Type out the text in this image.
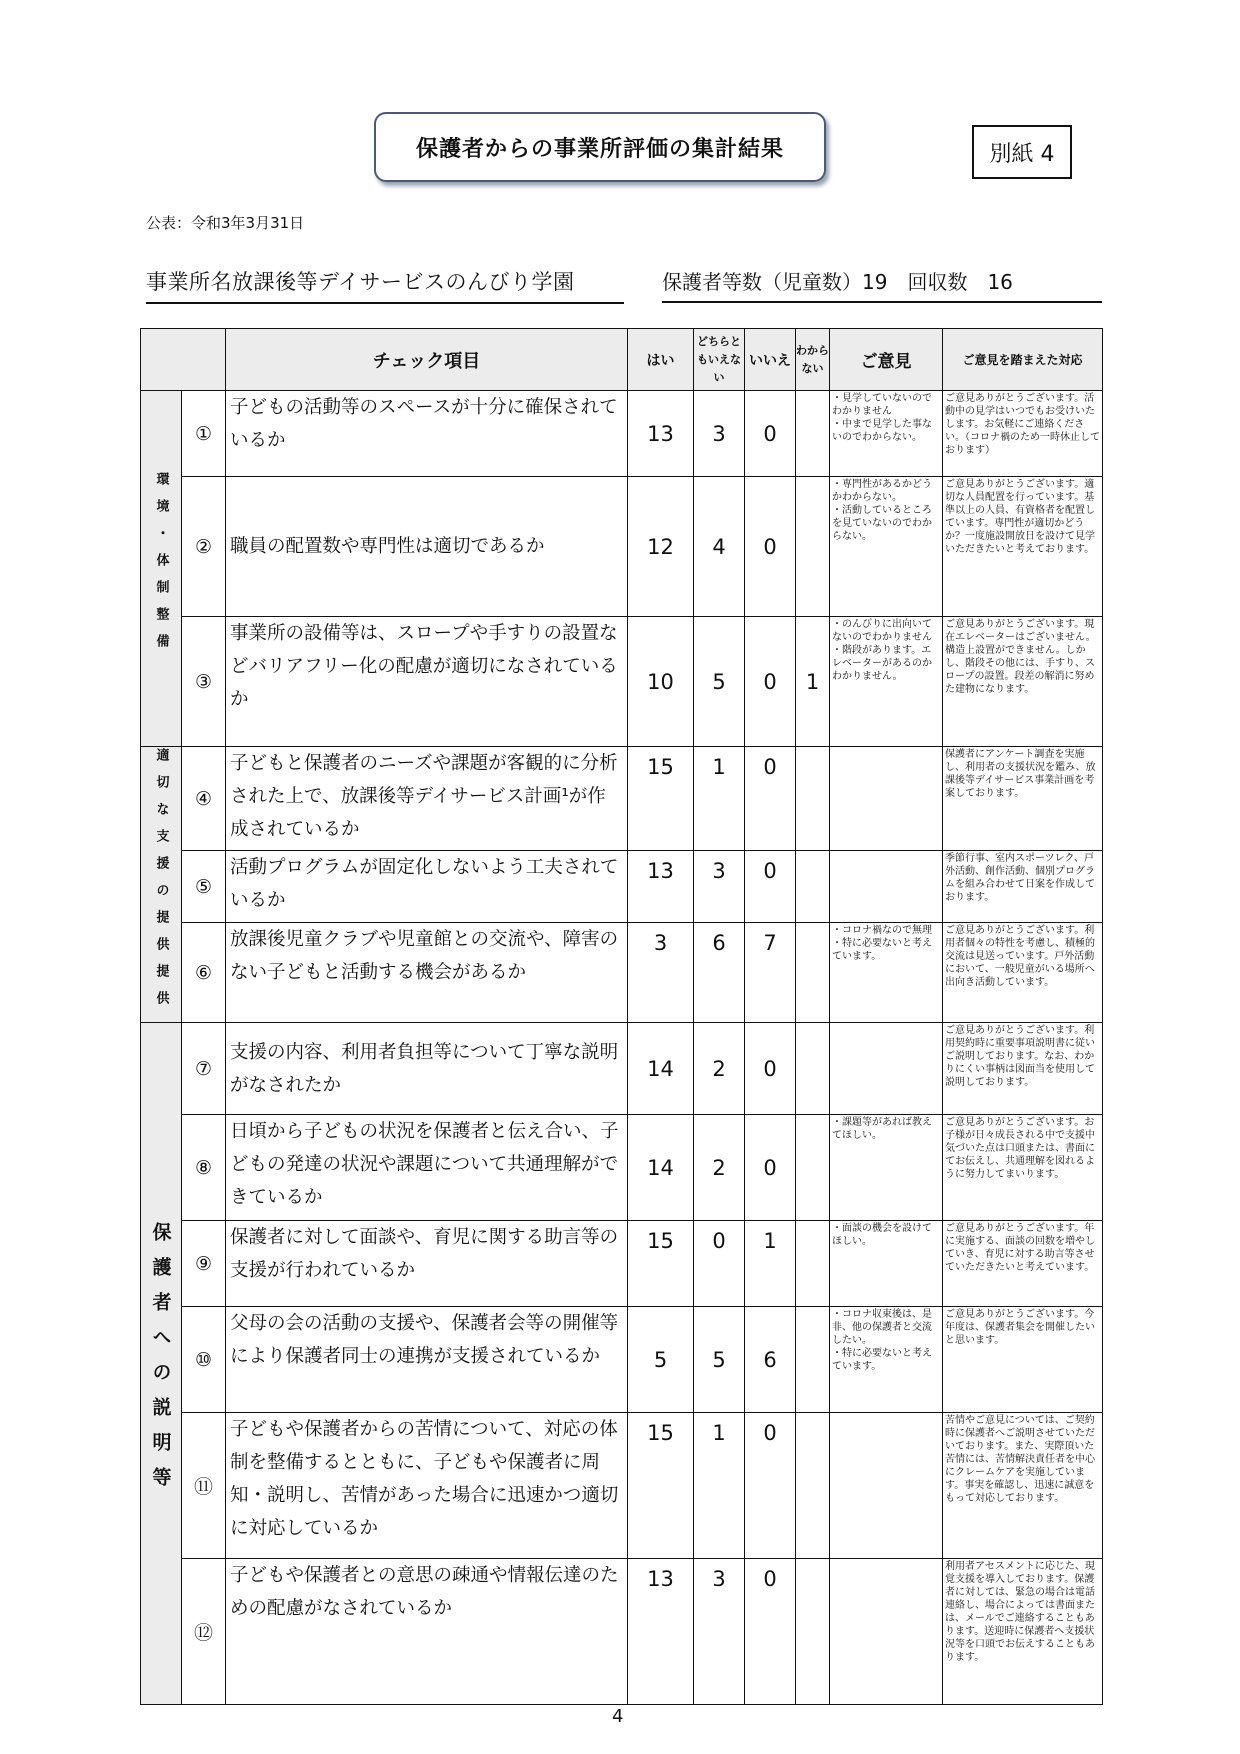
保護者からの事業所評価の集計結果	別紙 4
公表：令和3年3月31日
事業所名放課後等デイサービスのんびり学園	保護者等数（児童数）19　回収数　16
		チェック項目	はい	どちらともいえない	いいえ	わからない	ご意見	ご意見を踏まえた対応
環境・体制整備	①	子どもの活動等のスペースが十分に確保されているか	13	3	0		・見学していないのでわかりません
・中まで見学した事ないのでわからない。	ご意見ありがとうございます。活動中の見学はいつでもお受けいたします。お気軽にご連絡ください。（コロナ禍のため一時休止しております）
	②	職員の配置数や専門性は適切であるか	12	4	0		・専門性があるかどうかわからない。
・活動しているところを見ていないのでわからない。	ご意見ありがとうございます。適切な人員配置を行っています。基準以上の人員、有資格者を配置しています。専門性が適切かどうか？一度施設開放日を設けて見学いただきたいと考えております。
	③	事業所の設備等は、スロープや手すりの設置などバリアフリー化の配慮が適切になされているか	10	5	0	1	・のんびりに出向いてないのでわかりません
・階段があります。エレベーターがあるのかわかりません。	ご意見ありがとうございます。現在エレベーターはございません。構造上設置ができません。しかし、階段その他には、手すり、スロープの設置。段差の解消に努めた建物になります。
適切な支援の提供提供	④	子どもと保護者のニーズや課題が客観的に分析された上で、放課後等デイサービス計画¹が作成されているか	15	1	0			保護者にアンケート調査を実施し、利用者の支援状況を鑑み、放課後等デイサービス事業計画を考案しております。
	⑤	活動プログラムが固定化しないよう工夫されているか	13	3	0			季節行事、室内スポーツレク、戸外活動、創作活動、個別プログラムを組み合わせて日案を作成しております。
	⑥	放課後児童クラブや児童館との交流や、障害のない子どもと活動する機会があるか	3	6	7		・コロナ禍なので無理
・特に必要ないと考えています。	ご意見ありがとうございます。利用者個々の特性を考慮し、積極的交流は見送っています。戸外活動において、一般児童がいる場所へ出向き活動しています。
保護者への説明等	⑦	支援の内容、利用者負担等について丁寧な説明がなされたか	14	2	0			ご意見ありがとうございます。利用契約時に重要事項説明書に従いご説明しております。なお、わかりにくい事柄は図面当を使用して説明しております。
	⑧	日頃から子どもの状況を保護者と伝え合い、子どもの発達の状況や課題について共通理解ができているか	14	2	0		・課題等があれば教えてほしい。	ご意見ありがとうございます。お子様が日々成長される中で支援中気づいた点は口頭または、書面にてお伝えし、共通理解を図れるように努力してまいります。
	⑨	保護者に対して面談や、育児に関する助言等の支援が行われているか	15	0	1		・面談の機会を設けてほしい。	ご意見ありがとうございます。年に実施する、面談の回数を増やしていき、育児に対する助言等させていただきたいと考えています。
	⑩	父母の会の活動の支援や、保護者会等の開催等により保護者同士の連携が支援されているか	5	5	6		・コロナ収束後は、是非、他の保護者と交流したい。
・特に必要ないと考えています。	ご意見ありがとうございます。今年度は、保護者集会を開催したいと思います。
	⑪	子どもや保護者からの苦情について、対応の体制を整備するとともに、子どもや保護者に周知・説明し、苦情があった場合に迅速かつ適切に対応しているか	15	1	0			苦情やご意見については、ご契約時に保護者へご説明させていただいております。また、実際頂いた苦情には、苦情解決責任者を中心にクレームケアを実施しています。事実を確認し、迅速に誠意をもって対応しております。
	⑫	子どもや保護者との意思の疎通や情報伝達のための配慮がなされているか	13	3	0			利用者アセスメントに応じた、現覚支援を導入しております。保護者に対しては、緊急の場合は電話連絡し、場合によっては書面または、メールでご連絡することもあります。送迎時に保護者へ支援状況等を口頭でお伝えすることもあります。
4
